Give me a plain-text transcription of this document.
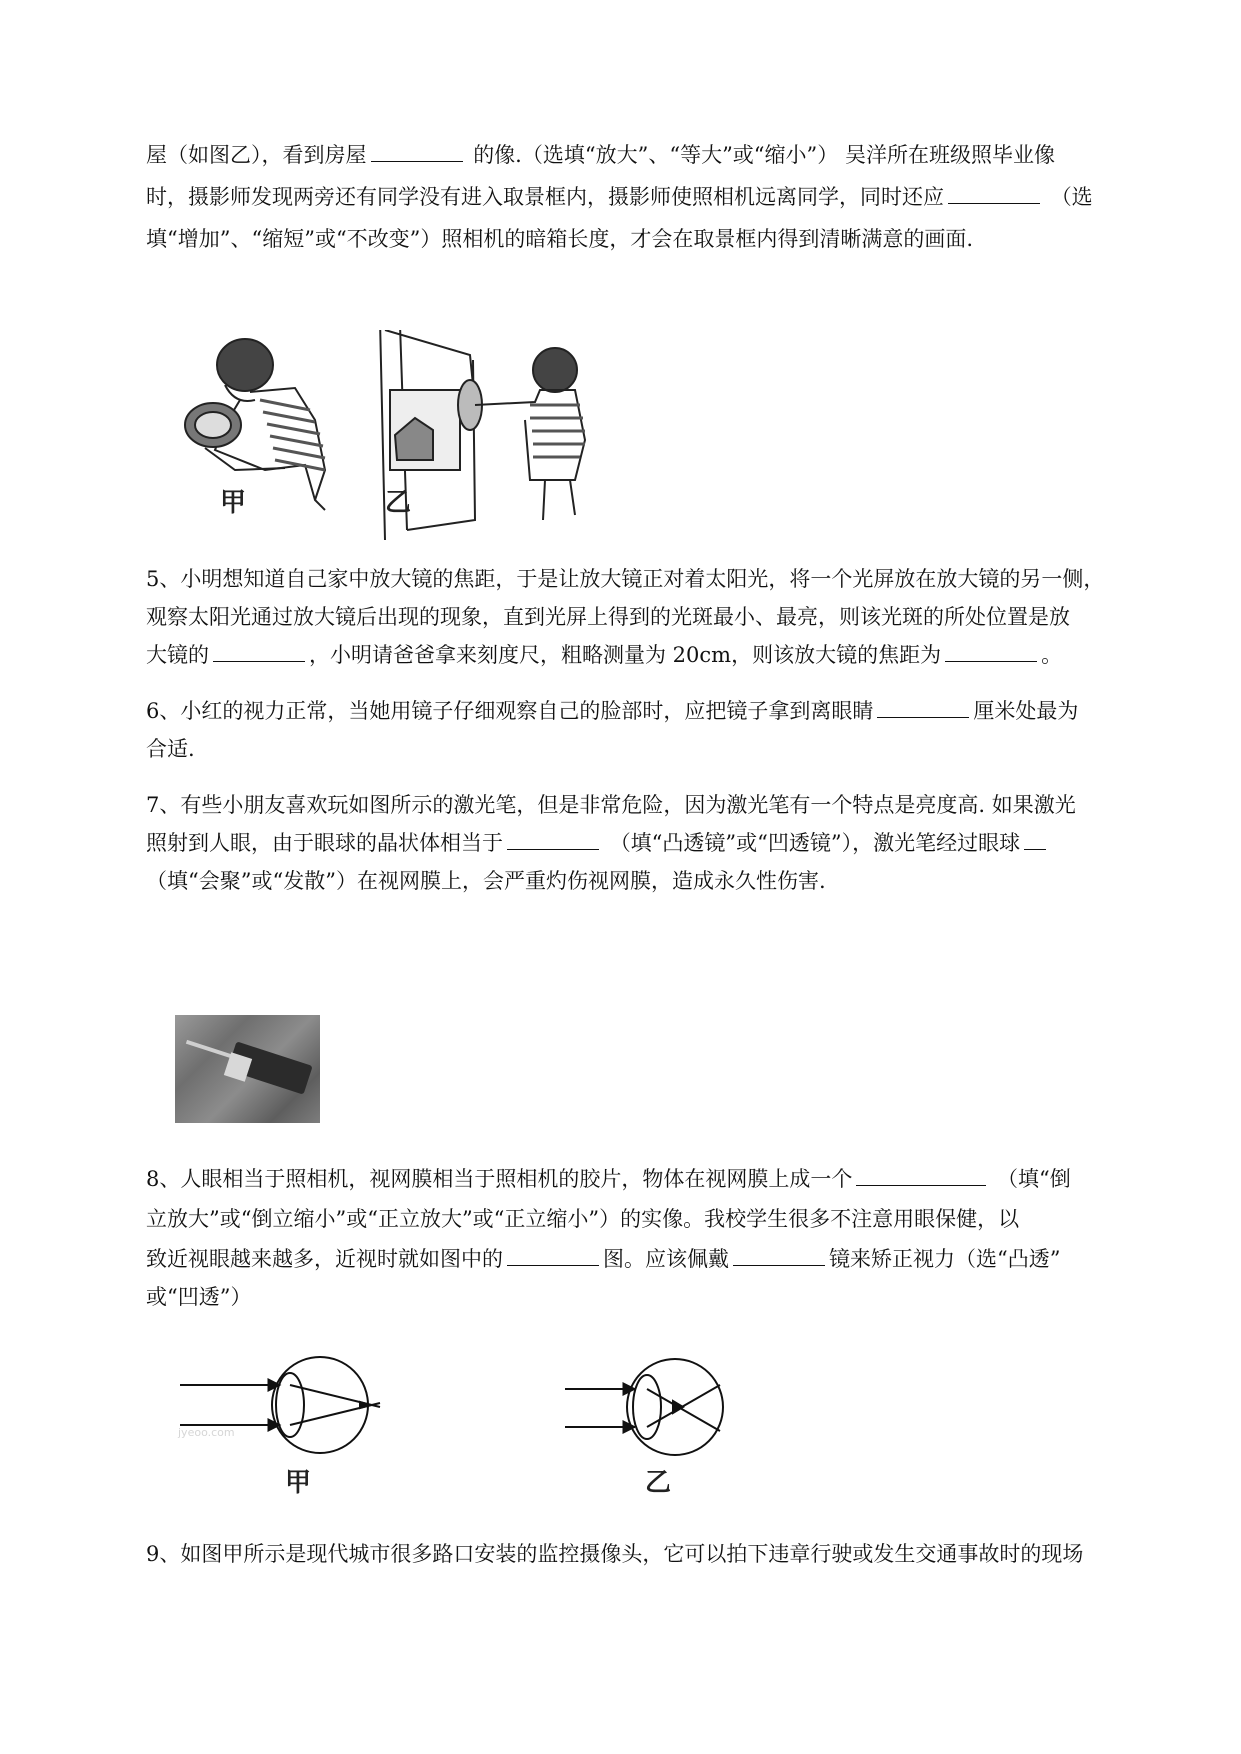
屋（如图乙），看到房屋	的像.（选填“放大”、“等大”或“缩小”） 吴洋所在班级照毕业像
时，摄影师发现两旁还有同学没有进入取景框内，摄影师使照相机远离同学，同时还应	（选
填“增加”、“缩短”或“不改变”）照相机的暗箱长度，才会在取景框内得到清晰满意的画面.
甲	乙
5、小明想知道自己家中放大镜的焦距，于是让放大镜正对着太阳光，将一个光屏放在放大镜的另一侧，
观察太阳光通过放大镜后出现的现象，直到光屏上得到的光斑最小、最亮，则该光斑的所处位置是放
大镜的	，小明请爸爸拿来刻度尺，粗略测量为 20cm，则该放大镜的焦距为	。
6、小红的视力正常，当她用镜子仔细观察自己的脸部时，应把镜子拿到离眼睛	厘米处最为
合适.
7、有些小朋友喜欢玩如图所示的激光笔，但是非常危险，因为激光笔有一个特点是亮度高. 如果激光
照射到人眼，由于眼球的晶状体相当于	（填“凸透镜”或“凹透镜”），激光笔经过眼球
（填“会聚”或“发散”）在视网膜上，会严重灼伤视网膜，造成永久性伤害.
8、人眼相当于照相机，视网膜相当于照相机的胶片，物体在视网膜上成一个	（填“倒
立放大”或“倒立缩小”或“正立放大”或“正立缩小”）的实像。我校学生很多不注意用眼保健，以
致近视眼越来越多，近视时就如图中的	图。应该佩戴	镜来矫正视力（选“凸透”
或“凹透”）
jyeoo.com
甲	乙
9、如图甲所示是现代城市很多路口安装的监控摄像头，它可以拍下违章行驶或发生交通事故时的现场
